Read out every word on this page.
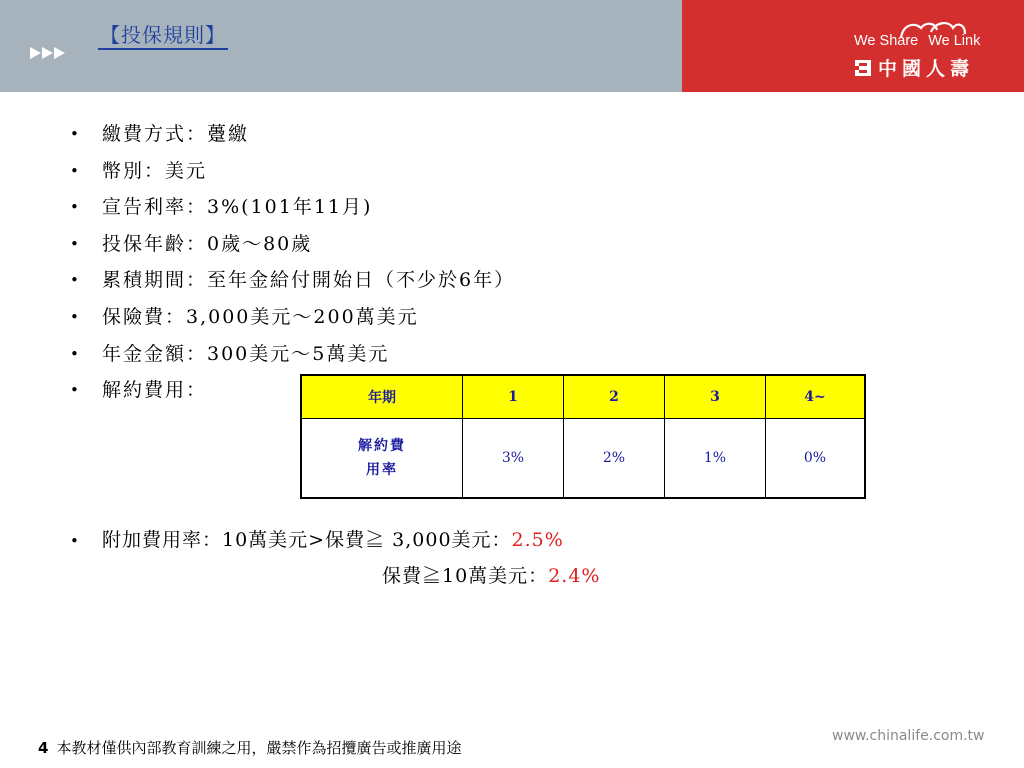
【投保規則】	We Share We Link
中國人壽
• 繳費方式：躉繳
• 幣別：美元
• 宣告利率：3%(101年11月)
• 投保年齡：0歲～80歲
• 累積期間：至年金給付開始日（不少於6年）
• 保險費：3,000美元～200萬美元
• 年金金額：300美元～5萬美元
• 解約費用：	年期	1	2	3	4~

解約費
用率	3%	2%	1%	0%
• 附加費用率：10萬美元>保費≧ 3,000美元：2.5%
保費≧10萬美元：2.4%
4 本教材僅供內部教育訓練之用，嚴禁作為招攬廣告或推廣用途
www.chinalife.com.tw
